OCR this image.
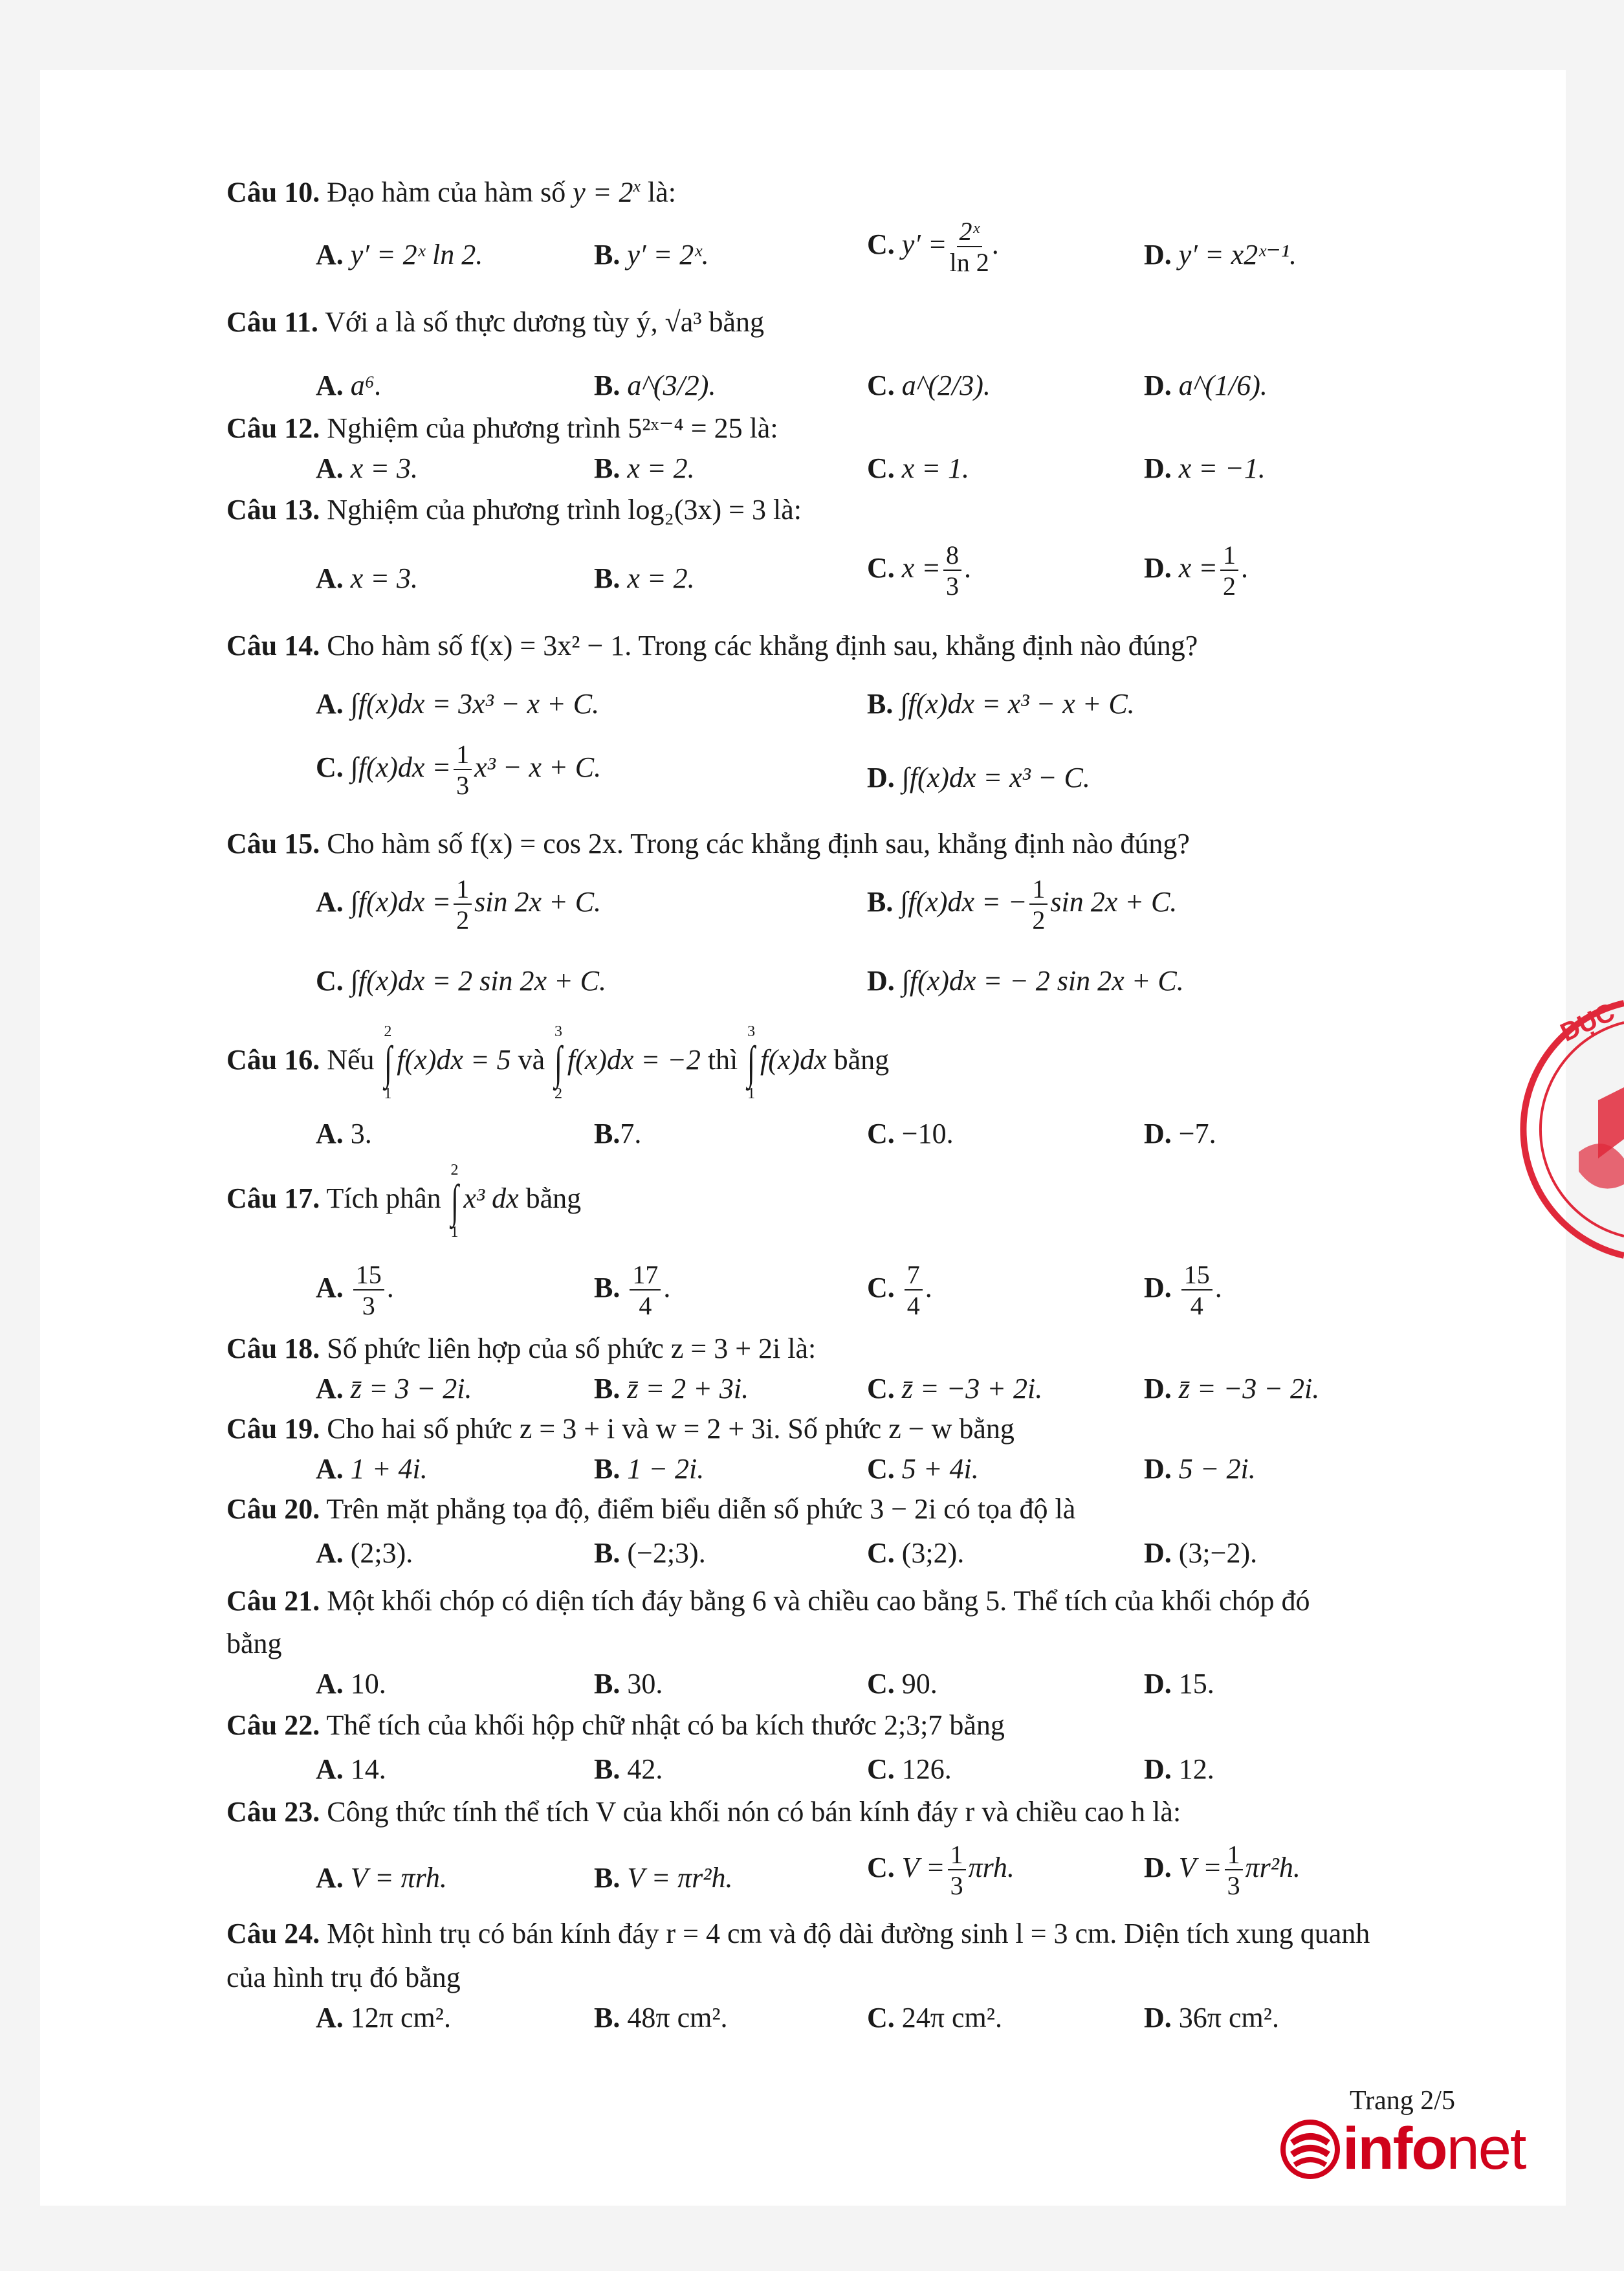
Câu 10. Đạo hàm của hàm số $y = 2^x$ là:
A. y′ = 2ˣ ln 2.	B. y′ = 2ˣ.	C. $y' = \frac{\text{2ˣ}}{\ln 2}$ .	D. y′ = x2ˣ⁻¹.
Câu 11. Với a là số thực dương tùy ý, √a³ bằng
A. a⁶.	B. a^(3/2).	C. a^(2/3).	D. a^(1/6).
Câu 12. Nghiệm của phương trình 5²ˣ⁻⁴ = 25 là:
A. x = 3.	B. x = 2.	C. x = 1.	D. x = −1.
Câu 13. Nghiệm của phương trình log₂(3x) = 3 là:
A. x = 3.	B. x = 2.	C. $x = \frac{8}{3}$ .	D. $x = \frac{1}{2}$ .
Câu 14. Cho hàm số f(x) = 3x² − 1. Trong các khẳng định sau, khẳng định nào đúng?
A. ∫f(x)dx = 3x³ − x + C.	B. ∫f(x)dx = x³ − x + C.
C. $\int f(x)dx = \frac{1}{3} x^3 - x + C$.	D. ∫f(x)dx = x³ − C.
Câu 15. Cho hàm số f(x) = cos 2x. Trong các khẳng định sau, khẳng định nào đúng?
A. $\int f(x)dx = \frac{1}{2}$ sin 2x + C.	B. ∫f(x)dx = − $\frac{1}{2}$ sin 2x + C.
C. ∫f(x)dx = 2 sin 2x + C.	D. ∫f(x)dx = − 2 sin 2x + C.
Câu 16. Nếu
2
∫
1
f(x)dx = 5 và
3
∫
2
f(x)dx = −2 thì
3
∫
1
f(x)dx bằng
A. 3.	B.7.	C. −10.	D. −7.
Câu 17. Tích phân
2
∫
1
x³ dx bằng
A. $\frac{15}{3}$ .	B. $\frac{17}{4}$ .	C. $\frac{7}{4}$ .	D. $\frac{15}{4}$ .
Câu 18. Số phức liên hợp của số phức z = 3 + 2i là:
A. z̄ = 3 − 2i.	B. z̄ = 2 + 3i.	C. z̄ = −3 + 2i.	D. z̄ = −3 − 2i.
Câu 19. Cho hai số phức z = 3 + i và w = 2 + 3i. Số phức z − w bằng
A. 1 + 4i.	B. 1 − 2i.	C. 5 + 4i.	D. 5 − 2i.
Câu 20. Trên mặt phẳng tọa độ, điểm biểu diễn số phức 3 − 2i có tọa độ là
A. (2;3).	B. (−2;3).	C. (3;2).	D. (3;−2).
Câu 21. Một khối chóp có diện tích đáy bằng 6 và chiều cao bằng 5. Thể tích của khối chóp đó
bằng
A. 10.	B. 30.	C. 90.	D. 15.
Câu 22. Thể tích của khối hộp chữ nhật có ba kích thước 2;3;7 bằng
A. 14.	B. 42.	C. 126.	D. 12.
Câu 23. Công thức tính thể tích V của khối nón có bán kính đáy r và chiều cao h là:
A. V = πrh.	B. V = πr²h.	C. $V = \frac{1}{3} \pi rh$.	D. $V = \frac{1}{3} \pi r^2h$.
Câu 24. Một hình trụ có bán kính đáy r = 4 cm và độ dài đường sinh l = 3 cm. Diện tích xung quanh
của hình trụ đó bằng
A. 12π cm².	B. 48π cm².	C. 24π cm².	D. 36π cm².
DỤC
Trang 2/5
infonet
